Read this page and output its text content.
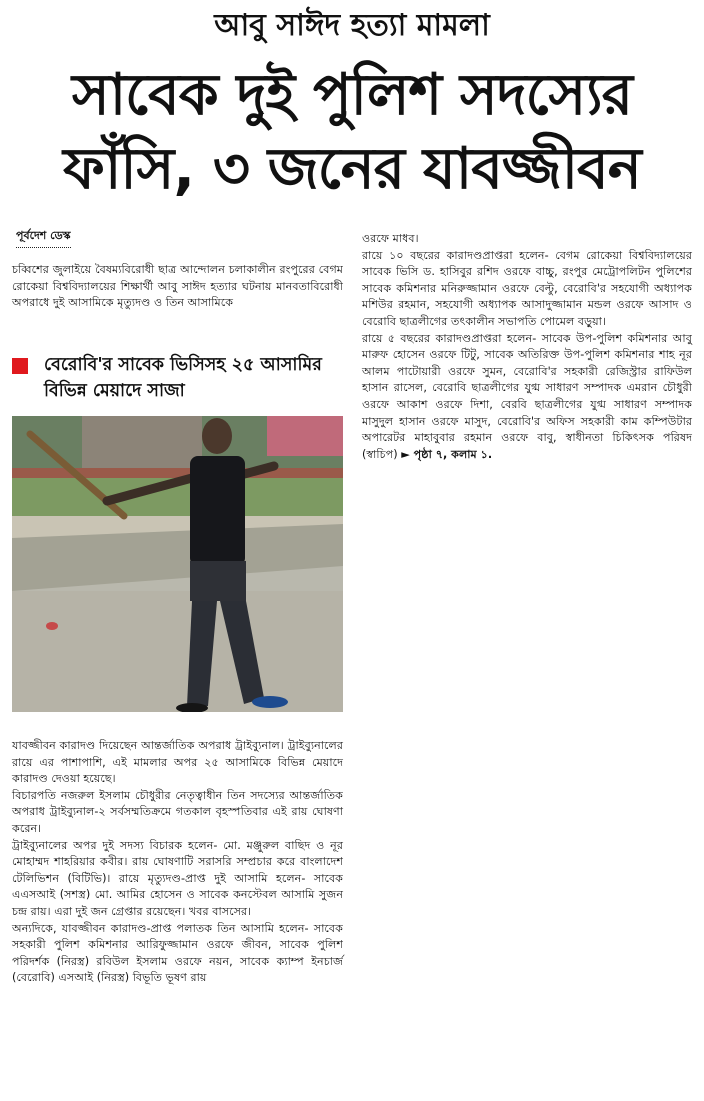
আবু সাঈদ হত্যা মামলা
সাবেক দুই পুলিশ সদস্যের
ফাঁসি, ৩ জনের যাবজ্জীবন
পূর্বদেশ ডেস্ক

চব্বিশের জুলাইয়ে বৈষম্যবিরোধী ছাত্র আন্দোলন চলাকালীন রংপুরের বেগম রোকেয়া বিশ্ববিদ্যালয়ের শিক্ষার্থী আবু সাঈদ হত্যার ঘটনায় মানবতাবিরোধী অপরাধে দুই আসামিকে মৃত্যুদণ্ড ও তিন আসামিকে

বেরোবি'র সাবেক ভিসিসহ ২৫ আসামির বিভিন্ন মেয়াদে সাজা

যাবজ্জীবন কারাদণ্ড দিয়েছেন আন্তর্জাতিক অপরাধ ট্রাইব্যুনাল। ট্রাইব্যুনালের রায়ে এর পাশাপাশি, এই মামলার অপর ২৫ আসামিকে বিভিন্ন মেয়াদে কারাদণ্ড দেওয়া হয়েছে।

বিচারপতি নজরুল ইসলাম চৌধুরীর নেতৃত্বাধীন তিন সদস্যের আন্তর্জাতিক অপরাধ ট্রাইব্যুনাল-২ সর্বসম্মতিক্রমে গতকাল বৃহস্পতিবার এই রায় ঘোষণা করেন।

ট্রাইব্যুনালের অপর দুই সদস্য বিচারক হলেন- মো. মঞ্জুরুল বাছিদ ও নূর মোহাম্মদ শাহরিয়ার কবীর। রায় ঘোষণাটি সরাসরি সম্প্রচার করে বাংলাদেশ টেলিভিশন (বিটিভি)। রায়ে মৃত্যুদণ্ড-প্রাপ্ত দুই আসামি হলেন- সাবেক এএসআই (সশস্ত্র) মো. আমির হোসেন ও সাবেক কনস্টেবল আসামি সুজন চন্দ্র রায়। এরা দুই জন গ্রেপ্তার রয়েছেন। খবর বাসসের।

অন্যদিকে, যাবজ্জীবন কারাদণ্ড-প্রাপ্ত পলাতক তিন আসামি হলেন- সাবেক সহকারী পুলিশ কমিশনার আরিফুজ্জামান ওরফে জীবন, সাবেক পুলিশ পরিদর্শক (নিরস্ত্র) রবিউল ইসলাম ওরফে নয়ন, সাবেক ক্যাম্প ইনচার্জ (বেরোবি) এসআই (নিরস্ত্র) বিভূতি ভূষণ রায়

ওরফে মাধব।

রায়ে ১০ বছরের কারাদণ্ডপ্রাপ্তরা হলেন- বেগম রোকেয়া বিশ্ববিদ্যালয়ের সাবেক ভিসি ড. হাসিবুর রশিদ ওরফে বাচ্চু, রংপুর মেট্রোপলিটন পুলিশের সাবেক কমিশনার মনিরুজ্জামান ওরফে বেল্টু, বেরোবি'র সহযোগী অধ্যাপক মশিউর রহমান, সহযোগী অধ্যাপক আসাদুজ্জামান মন্ডল ওরফে আসাদ ও বেরোবি ছাত্রলীগের তৎকালীন সভাপতি পোমেল বড়ুয়া।

রায়ে ৫ বছরের কারাদণ্ডপ্রাপ্তরা হলেন- সাবেক উপ-পুলিশ কমিশনার আবু মারুফ হোসেন ওরফে টিটু, সাবেক অতিরিক্ত উপ-পুলিশ কমিশনার শাহ নূর আলম পাটোয়ারী ওরফে সুমন, বেরোবি'র সহকারী রেজিস্ট্রার রাফিউল হাসান রাসেল, বেরোবি ছাত্রলীগের যুগ্ম সাধারণ সম্পাদক এমরান চৌধুরী ওরফে আকাশ ওরফে দিশা, বেরবি ছাত্রলীগের যুগ্ম সাধারণ সম্পাদক মাসুদুল হাসান ওরফে মাসুদ, বেরোবি'র অফিস সহকারী কাম কম্পিউটার অপারেটর মাহাবুবার রহমান ওরফে বাবু, স্বাধীনতা চিকিৎসক পরিষদ (স্বাচিপ) ► পৃষ্ঠা ৭, কলাম ১.
